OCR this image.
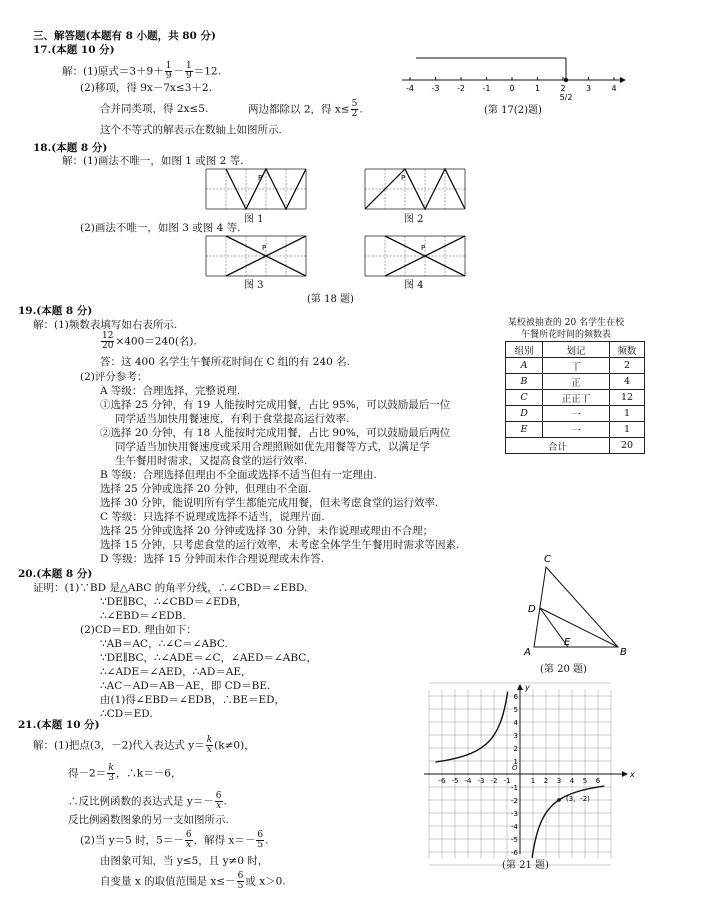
三、解答题(本题有 8 小题，共 80 分)
17.(本题 10 分)
解：(1)原式$=3+9+ \frac{1}{9} - \frac{1}{9} =12$.
(2)移项，得 9x－7x≤3＋2.
合并同类项，得 2x≤5.	两边都除以 2，得 $x\le \frac{5}{2}$ .
这个不等式的解表示在数轴上如图所示.
-4 -3 -2 -1 0	1	2	3	4
5/2
(第 17(2)题)
18.(本题 8 分)
解：(1)画法不唯一，如图 1 或图 2 等.
(2)画法不唯一，如图 3 或图 4 等.
P
图 1
P
图 2
P
图 3
P
图 4
(第 18 题)
19.(本题 8 分)
解：(1)频数表填写如右表所示.
$\frac{12}{20} \times 400=240$(名).
答：这 400 名学生午餐所花时间在 C 组的有 240 名.
(2)评分参考：
A 等级：合理选择，完整说理.
①选择 25 分钟，有 19 人能按时完成用餐，占比 95%，可以鼓励最后一位
同学适当加快用餐速度，有利于食堂提高运行效率.
②选择 20 分钟，有 18 人能按时完成用餐，占比 90%，可以鼓励最后两位
同学适当加快用餐速度或采用合理照顾如优先用餐等方式，以满足学
生午餐用时需求，又提高食堂的运行效率.
B 等级：合理选择但理由不全面或选择不适当但有一定理由.
选择 25 分钟或选择 20 分钟，但理由不全面.
选择 30 分钟，能说明所有学生都能完成用餐，但未考虑食堂的运行效率.
C 等级：只选择不说理或选择不适当，说理片面.
选择 25 分钟或选择 20 分钟或选择 30 分钟，未作说理或理由不合理；
选择 15 分钟，只考虑食堂的运行效率，未考虑全体学生午餐用时需求等因素.
D 等级：选择 15 分钟而未作合理说理或未作答.
某校被抽查的 20 名学生在校
午餐所花时间的频数表
组别	划记	频数
A	丅	2
B	正	4
C	正正丅	12
D	一	1
E	一	1
合计		20
20.(本题 8 分)
证明：(1)∵BD 是△ABC 的角平分线，∴∠CBD＝∠EBD.
∵DE∥BC，∴∠CBD＝∠EDB，
∴∠EBD＝∠EDB.
(2)CD＝ED. 理由如下：
∵AB＝AC，∴∠C＝∠ABC.
∵DE∥BC，∴∠ADE＝∠C，∠AED＝∠ABC，
∴∠ADE＝∠AED，∴AD＝AE，
∴AC－AD＝AB－AE，即 CD＝BE.
由(1)得∠EBD＝∠EDB，∴BE＝ED，
∴CD＝ED.
C
D
A
E
B
(第 20 题)
21.(本题 10 分)
解：(1)把点(3，－2)代入表达式 $y= \frac{k}{x} (k\ne 0)$，
得$-2= \frac{k}{3}$ ，∴k＝－6，
∴反比例函数的表达式是 $y=- \frac{6}{x}$ .
反比例函数图象的另一支如图所示.
(2)当 y＝5 时，$5=- \frac{6}{x}$ ，解得 $x=- \frac{6}{5}$ .
由图象可知，当 y≤5，且 y≠0 时，
自变量 x 的取值范围是 $x\le- \frac{6}{5}$ 或 x＞0.
-6 -5 -4 -3 -2 -1	1 2 3 4 5 6
6
5
4
3
2
1
-1
-2
-3
-4
-5
-6
x
y
O
(3，-2)
(第 21 题)
